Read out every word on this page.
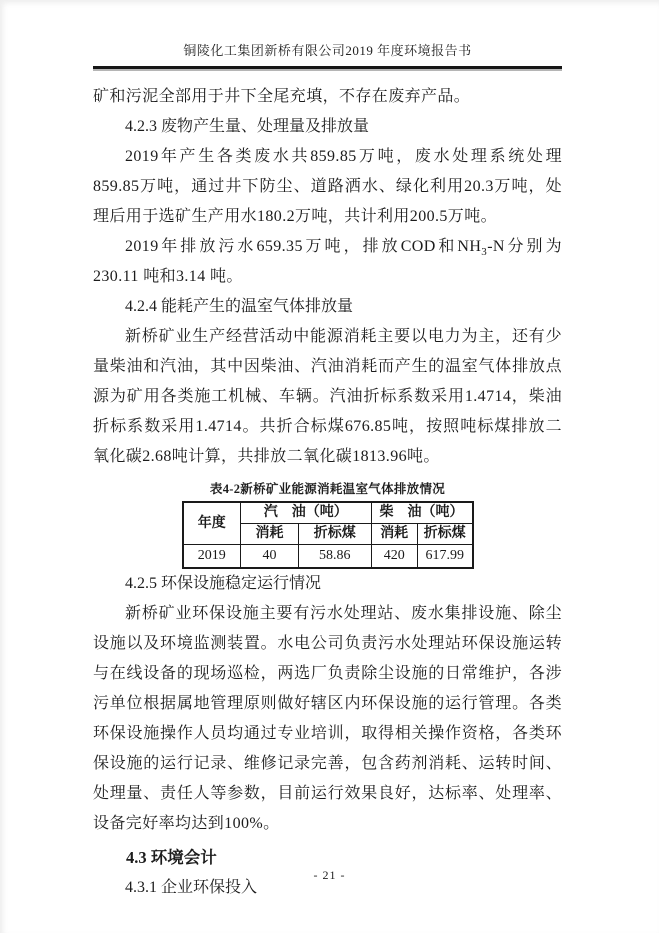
铜陵化工集团新桥有限公司2019 年度环境报告书

矿和污泥全部用于井下全尾充填，不存在废弃产品。

4.2.3 废物产生量、处理量及排放量

2019年产生各类废水共859.85万吨，废水处理系统处理859.85万吨，通过井下防尘、道路洒水、绿化利用20.3万吨，处理后用于选矿生产用水180.2万吨，共计利用200.5万吨。

2019年排放污水659.35万吨，排放COD和$NH_3-N$分别为230.11 吨和3.14 吨。

4.2.4 能耗产生的温室气体排放量

新桥矿业生产经营活动中能源消耗主要以电力为主，还有少量柴油和汽油，其中因柴油、汽油消耗而产生的温室气体排放点源为矿用各类施工机械、车辆。汽油折标系数采用1.4714，柴油折标系数采用1.4714。共折合标煤676.85吨，按照吨标煤排放二氧化碳2.68吨计算，共排放二氧化碳1813.96吨。

表4-2新桥矿业能源消耗温室气体排放情况
年度	汽　油（吨）		柴　油（吨）	
	消耗	折标煤	消耗	折标煤
2019	40	58.86	420	617.99

4.2.5 环保设施稳定运行情况

新桥矿业环保设施主要有污水处理站、废水集排设施、除尘设施以及环境监测装置。水电公司负责污水处理站环保设施运转与在线设备的现场巡检，两选厂负责除尘设施的日常维护，各涉污单位根据属地管理原则做好辖区内环保设施的运行管理。各类环保设施操作人员均通过专业培训，取得相关操作资格，各类环保设施的运行记录、维修记录完善，包含药剂消耗、运转时间、处理量、责任人等参数，目前运行效果良好，达标率、处理率、设备完好率均达到100%。

4.3 环境会计

4.3.1 企业环保投入

- 21 -
